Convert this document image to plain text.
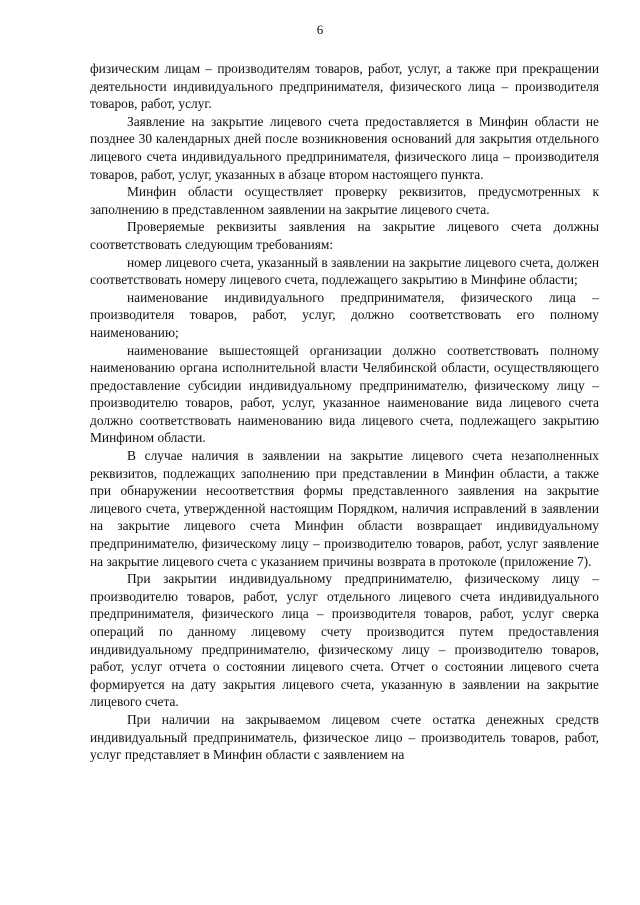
6

физическим лицам – производителям товаров, работ, услуг, а также при прекращении деятельности индивидуального предпринимателя, физического лица – производителя товаров, работ, услуг.

Заявление на закрытие лицевого счета предоставляется в Минфин области не позднее 30 календарных дней после возникновения оснований для закрытия отдельного лицевого счета индивидуального предпринимателя, физического лица – производителя товаров, работ, услуг, указанных в абзаце втором настоящего пункта.

Минфин области осуществляет проверку реквизитов, предусмотренных к заполнению в представленном заявлении на закрытие лицевого счета.

Проверяемые реквизиты заявления на закрытие лицевого счета должны соответствовать следующим требованиям:

номер лицевого счета, указанный в заявлении на закрытие лицевого счета, должен соответствовать номеру лицевого счета, подлежащего закрытию в Минфине области;

наименование индивидуального предпринимателя, физического лица – производителя товаров, работ, услуг, должно соответствовать его полному наименованию;

наименование вышестоящей организации должно соответствовать полному наименованию органа исполнительной власти Челябинской области, осуществляющего предоставление субсидии индивидуальному предпринимателю, физическому лицу – производителю товаров, работ, услуг, указанное наименование вида лицевого счета должно соответствовать наименованию вида лицевого счета, подлежащего закрытию Минфином области.

В случае наличия в заявлении на закрытие лицевого счета незаполненных реквизитов, подлежащих заполнению при представлении в Минфин области, а также при обнаружении несоответствия формы представленного заявления на закрытие лицевого счета, утвержденной настоящим Порядком, наличия исправлений в заявлении на закрытие лицевого счета Минфин области возвращает индивидуальному предпринимателю, физическому лицу – производителю товаров, работ, услуг заявление на закрытие лицевого счета с указанием причины возврата в протоколе (приложение 7).

При закрытии индивидуальному предпринимателю, физическому лицу – производителю товаров, работ, услуг отдельного лицевого счета индивидуального предпринимателя, физического лица – производителя товаров, работ, услуг сверка операций по данному лицевому счету производится путем предоставления индивидуальному предпринимателю, физическому лицу – производителю товаров, работ, услуг отчета о состоянии лицевого счета. Отчет о состоянии лицевого счета формируется на дату закрытия лицевого счета, указанную в заявлении на закрытие лицевого счета.

При наличии на закрываемом лицевом счете остатка денежных средств индивидуальный предприниматель, физическое лицо – производитель товаров, работ, услуг представляет в Минфин области с заявлением на
